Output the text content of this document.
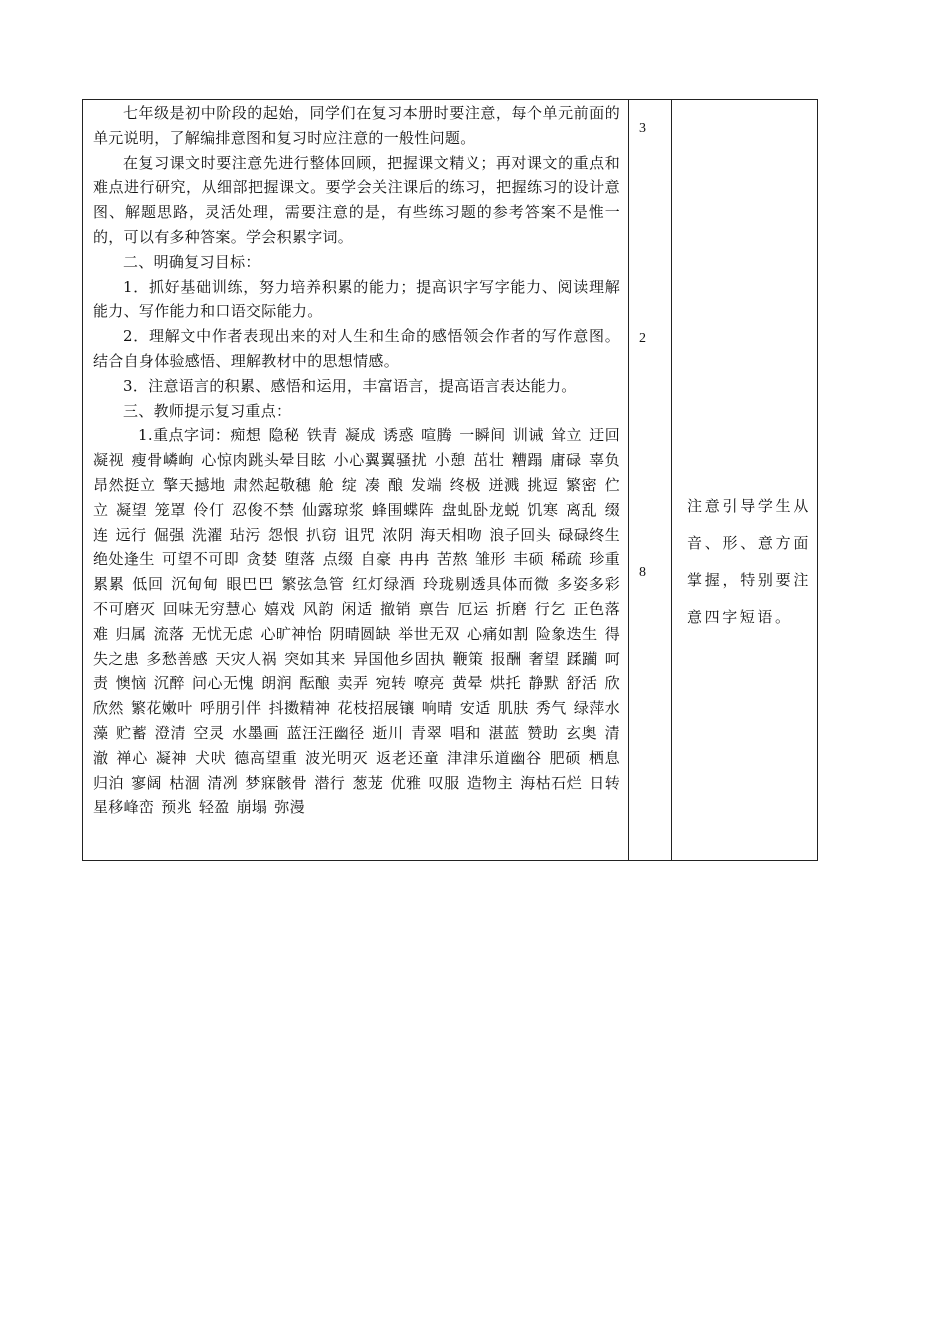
七年级是初中阶段的起始，同学们在复习本册时要注意，每个单元前面的单元说明，了解编排意图和复习时应注意的一般性问题。

在复习课文时要注意先进行整体回顾，把握课文精义；再对课文的重点和难点进行研究，从细部把握课文。要学会关注课后的练习，把握练习的设计意图、解题思路，灵活处理，需要注意的是，有些练习题的参考答案不是惟一的，可以有多种答案。学会积累字词。

二、明确复习目标：

1．抓好基础训练，努力培养积累的能力；提高识字写字能力、阅读理解能力、写作能力和口语交际能力。

2．理解文中作者表现出来的对人生和生命的感悟领会作者的写作意图。结合自身体验感悟、理解教材中的思想情感。

3．注意语言的积累、感悟和运用，丰富语言，提高语言表达能力。

三、教师提示复习重点：

1.重点字词：痴想 隐秘 铁青 凝成 诱惑 喧腾 一瞬间 训诫 耸立 迂回 凝视 瘦骨嶙峋 心惊肉跳头晕目眩 小心翼翼骚扰 小憩 茁壮 糟蹋 庸碌 辜负 昂然挺立 擎天撼地 肃然起敬穗 舱 绽 凑 酿 发端 终极 迸溅 挑逗 繁密 伫立 凝望 笼罩 伶仃 忍俊不禁 仙露琼浆 蜂围蝶阵 盘虬卧龙蜕 饥寒 离乱 缀连 远行 倔强 洗濯 玷污 怨恨 扒窃 诅咒 浓阴 海天相吻 浪子回头 碌碌终生 绝处逢生 可望不可即 贪婪 堕落 点缀 自豪 冉冉 苦熬 雏形 丰硕 稀疏 珍重 累累 低回 沉甸甸 眼巴巴 繁弦急管 红灯绿酒 玲珑剔透具体而微 多姿多彩 不可磨灭 回味无穷慧心 嬉戏 风韵 闲适 撤销 禀告 厄运 折磨 行乞 正色落难 归属 流落 无忧无虑 心旷神怡 阴晴圆缺 举世无双 心痛如割 险象迭生 得失之患 多愁善感 天灾人祸 突如其来 异国他乡固执 鞭策 报酬 奢望 蹂躏 呵责 懊恼 沉醉 问心无愧 朗润 酝酿 卖弄 宛转 嘹亮 黄晕 烘托 静默 舒活 欣欣然 繁花嫩叶 呼朋引伴 抖擞精神 花枝招展镶 响晴 安适 肌肤 秀气 绿萍水藻 贮蓄 澄清 空灵 水墨画 蓝汪汪幽径 逝川 青翠 唱和 湛蓝 赞助 玄奥 清澈 禅心 凝神 犬吠 德高望重 波光明灭 返老还童 津津乐道幽谷 肥硕 栖息 归泊 寥阔 枯涸 清冽 梦寐骸骨 潜行 葱茏 优雅 叹服 造物主 海枯石烂 日转星移峰峦 预兆 轻盈 崩塌 弥漫

3
2
8
注意引导学生从音、形、意方面掌握，特别要注意四字短语。
